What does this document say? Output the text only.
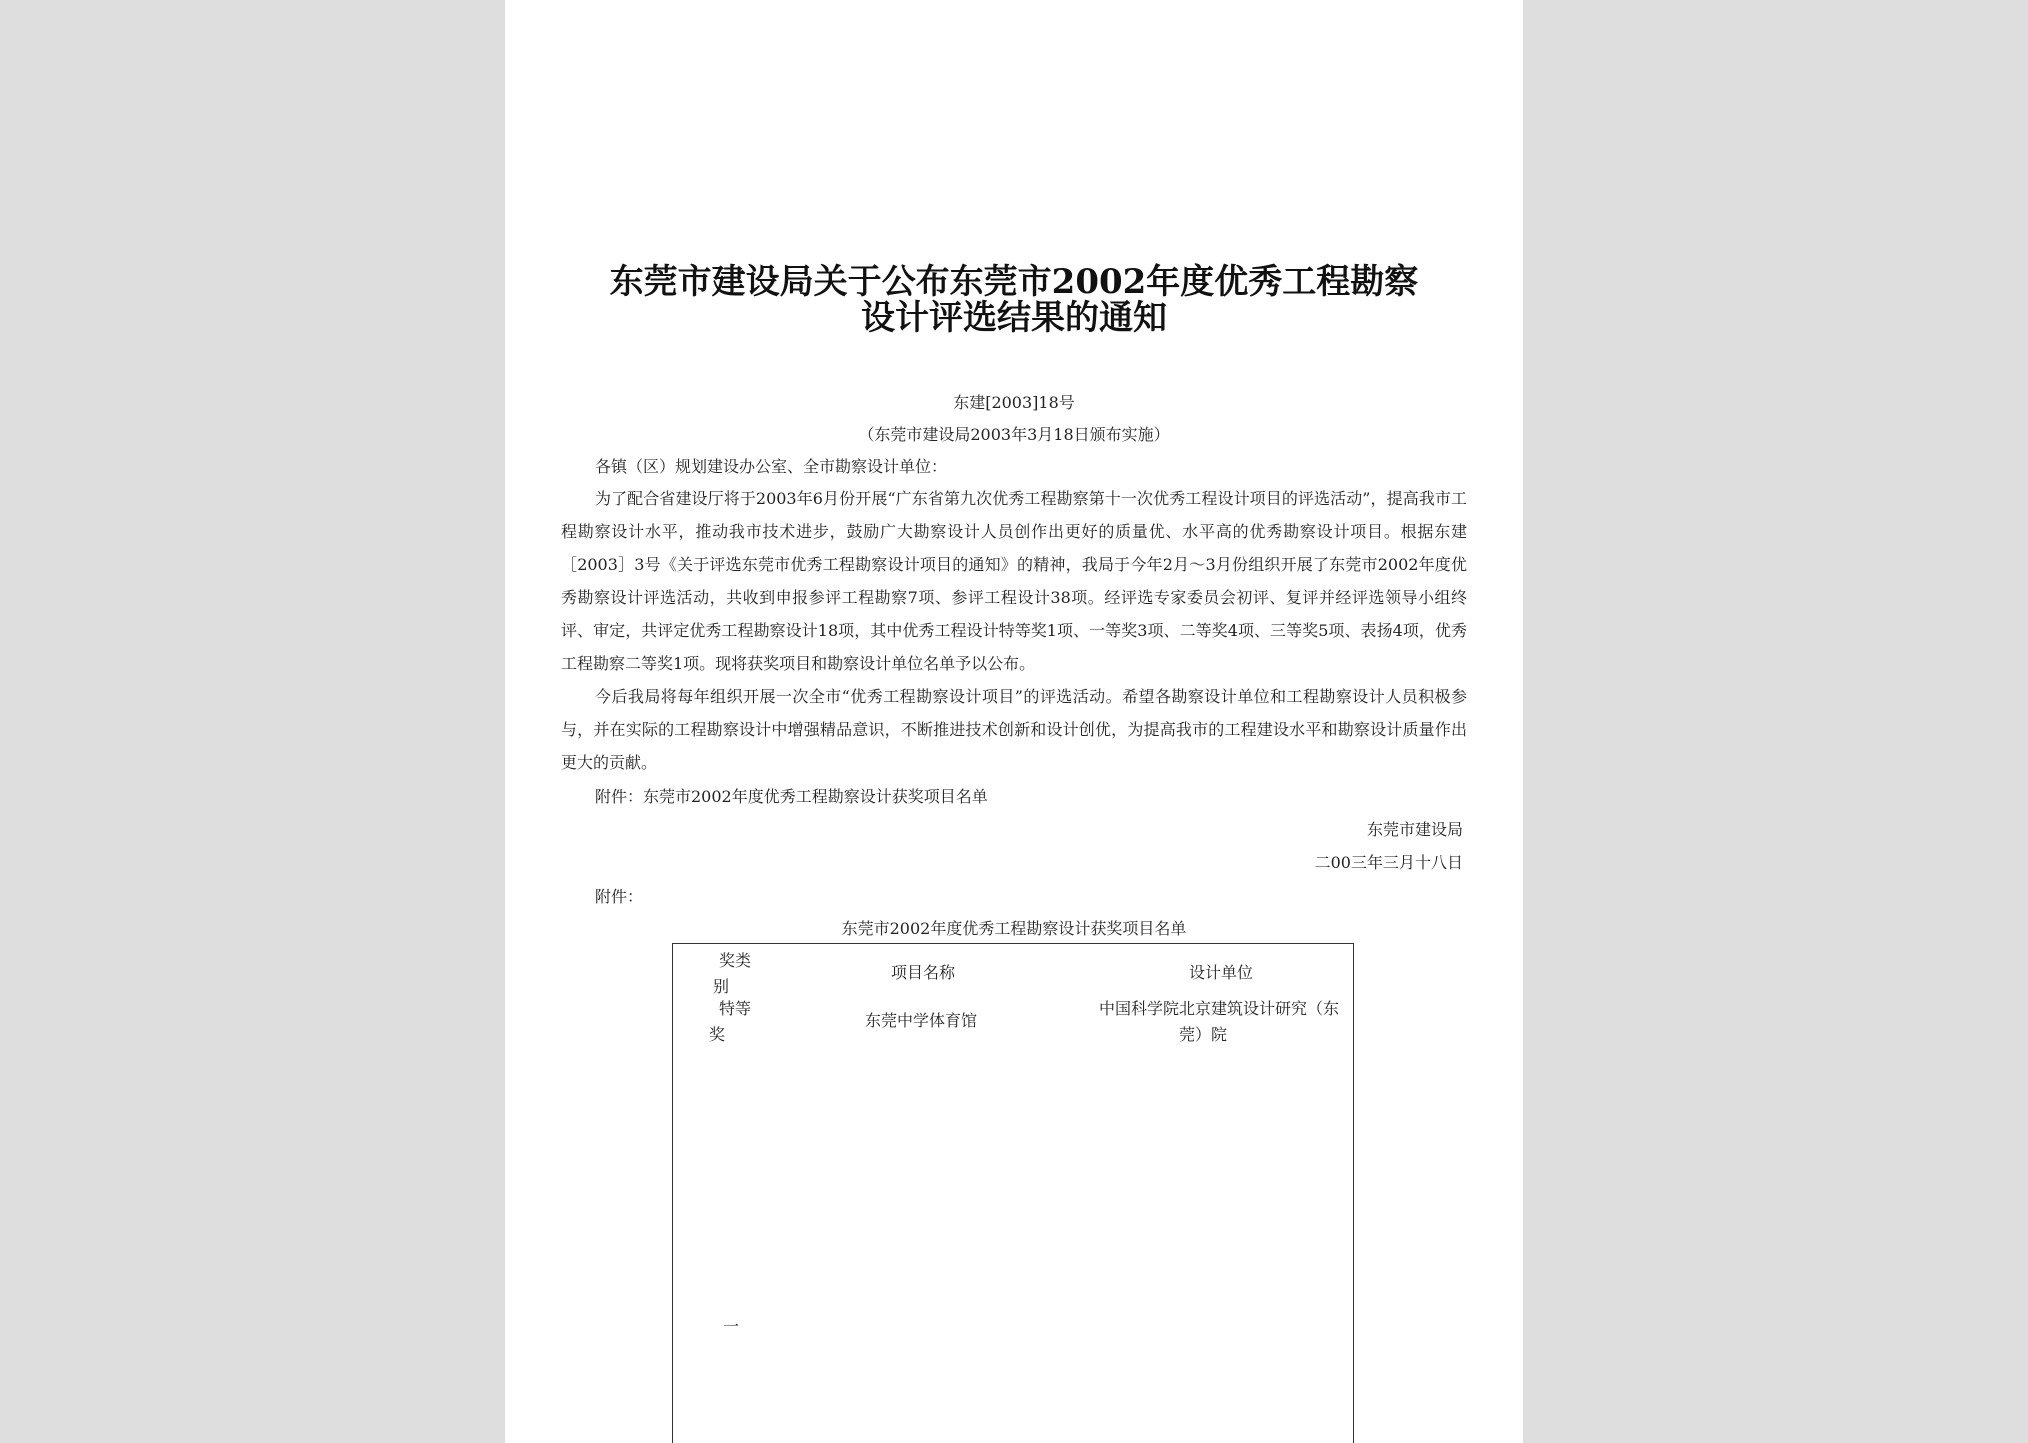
东莞市建设局关于公布东莞市2002年度优秀工程勘察
设计评选结果的通知
东建[2003]18号
（东莞市建设局2003年3月18日颁布实施）
各镇（区）规划建设办公室、全市勘察设计单位：

为了配合省建设厅将于2003年6月份开展“广东省第九次优秀工程勘察第十一次优秀工程设计项目的评选活动”，提高我市工程勘察设计水平，推动我市技术进步，鼓励广大勘察设计人员创作出更好的质量优、水平高的优秀勘察设计项目。根据东建［2003］3号《关于评选东莞市优秀工程勘察设计项目的通知》的精神，我局于今年2月～3月份组织开展了东莞市2002年度优秀勘察设计评选活动，共收到申报参评工程勘察7项、参评工程设计38项。经评选专家委员会初评、复评并经评选领导小组终评、审定，共评定优秀工程勘察设计18项，其中优秀工程设计特等奖1项、一等奖3项、二等奖4项、三等奖5项、表扬4项，优秀工程勘察二等奖1项。现将获奖项目和勘察设计单位名单予以公布。

今后我局将每年组织开展一次全市“优秀工程勘察设计项目”的评选活动。希望各勘察设计单位和工程勘察设计人员积极参与，并在实际的工程勘察设计中增强精品意识，不断推进技术创新和设计创优，为提高我市的工程建设水平和勘察设计质量作出更大的贡献。

附件：东莞市2002年度优秀工程勘察设计获奖项目名单
东莞市建设局
二00三年三月十八日
附件：
东莞市2002年度优秀工程勘察设计获奖项目名单
奖类
别
项目名称	设计单位
特等
奖
东莞中学体育馆
中国科学院北京建筑设计研究（东
莞）院
一
